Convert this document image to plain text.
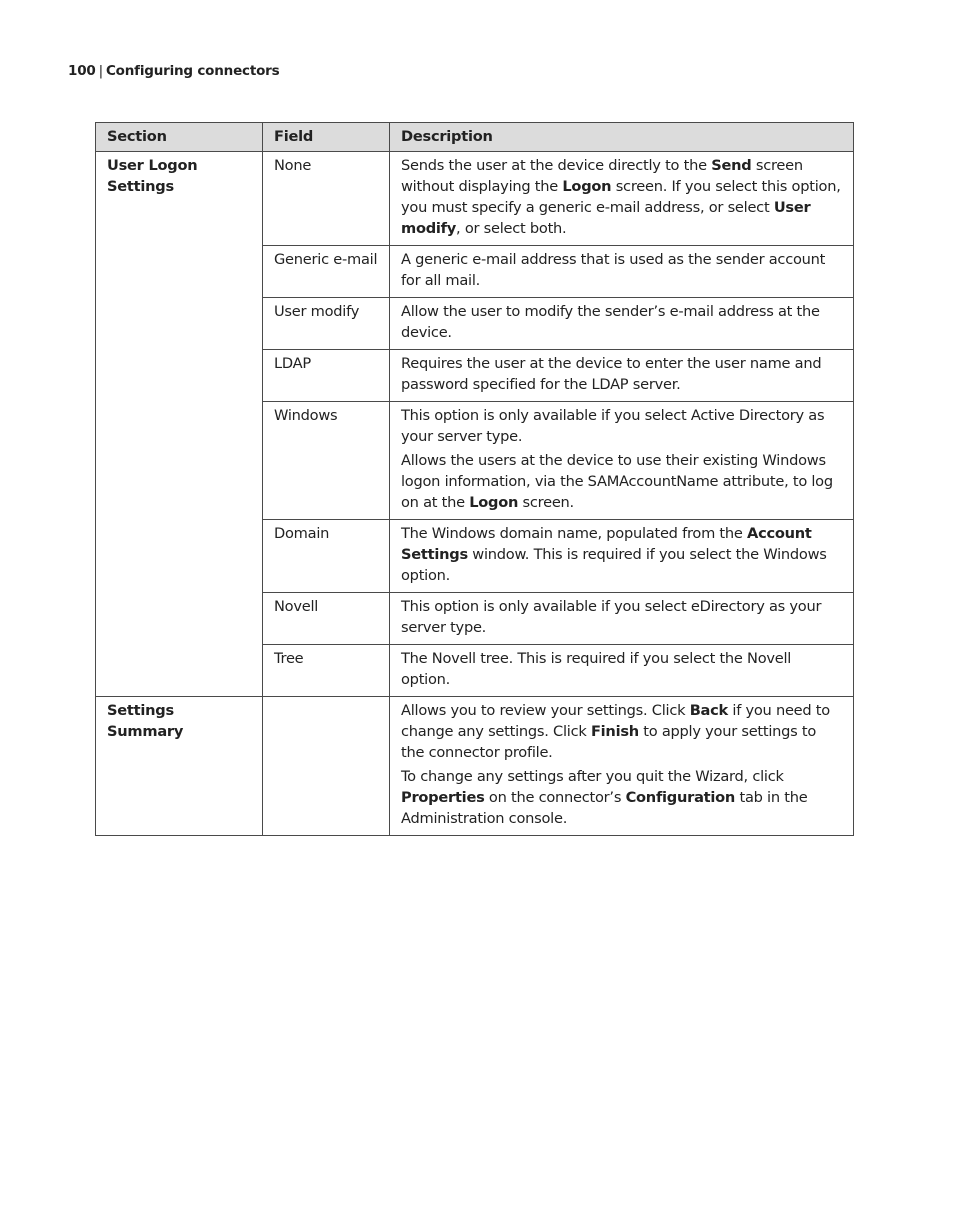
100 | Configuring connectors
Section	Field	Description
User Logon Settings	None	Sends the user at the device directly to the Send screen without displaying the Logon screen. If you select this option, you must specify a generic e-mail address, or select User modify, or select both.

	Generic e-mail	A generic e-mail address that is used as the sender account for all mail.

	User modify	Allow the user to modify the sender’s e-mail address at the device.

	LDAP	Requires the user at the device to enter the user name and password specified for the LDAP server.

	Windows	This option is only available if you select Active Directory as your server type.

Allows the users at the device to use their existing Windows logon information, via the SAMAccountName attribute, to log on at the Logon screen.

	Domain	The Windows domain name, populated from the Account Settings window. This is required if you select the Windows option.

	Novell	This option is only available if you select eDirectory as your server type.

	Tree	The Novell tree. This is required if you select the Novell option.

Settings Summary		Allows you to review your settings. Click Back if you need to change any settings. Click Finish to apply your settings to the connector profile.

To change any settings after you quit the Wizard, click Properties on the connector’s Configuration tab in the Administration console.
